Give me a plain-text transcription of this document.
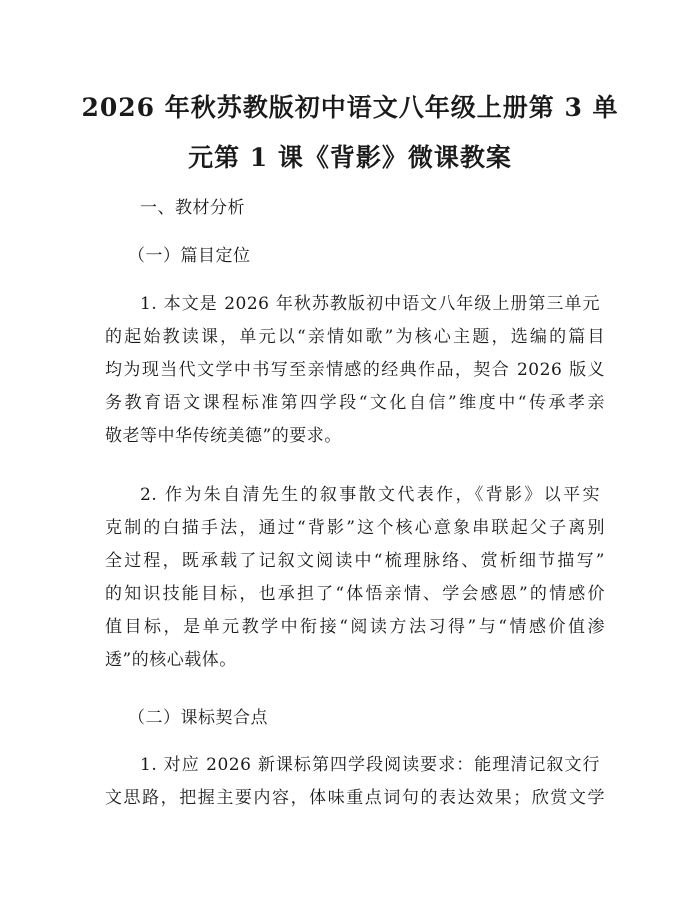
2026 年秋苏教版初中语文八年级上册第 3 单
元第 1 课《背影》微课教案
一、教材分析
（一）篇目定位
1. 本文是 2026 年秋苏教版初中语文八年级上册第三单元
的起始教读课，单元以“亲情如歌”为核心主题，选编的篇目
均为现当代文学中书写至亲情感的经典作品，契合 2026 版义
务教育语文课程标准第四学段“文化自信”维度中“传承孝亲
敬老等中华传统美德”的要求。
2. 作为朱自清先生的叙事散文代表作，《背影》以平实
克制的白描手法，通过“背影”这个核心意象串联起父子离别
全过程，既承载了记叙文阅读中“梳理脉络、赏析细节描写”
的知识技能目标，也承担了“体悟亲情、学会感恩”的情感价
值目标，是单元教学中衔接“阅读方法习得”与“情感价值渗
透”的核心载体。
（二）课标契合点
1. 对应 2026 新课标第四学段阅读要求：能理清记叙文行
文思路，把握主要内容，体味重点词句的表达效果；欣赏文学
